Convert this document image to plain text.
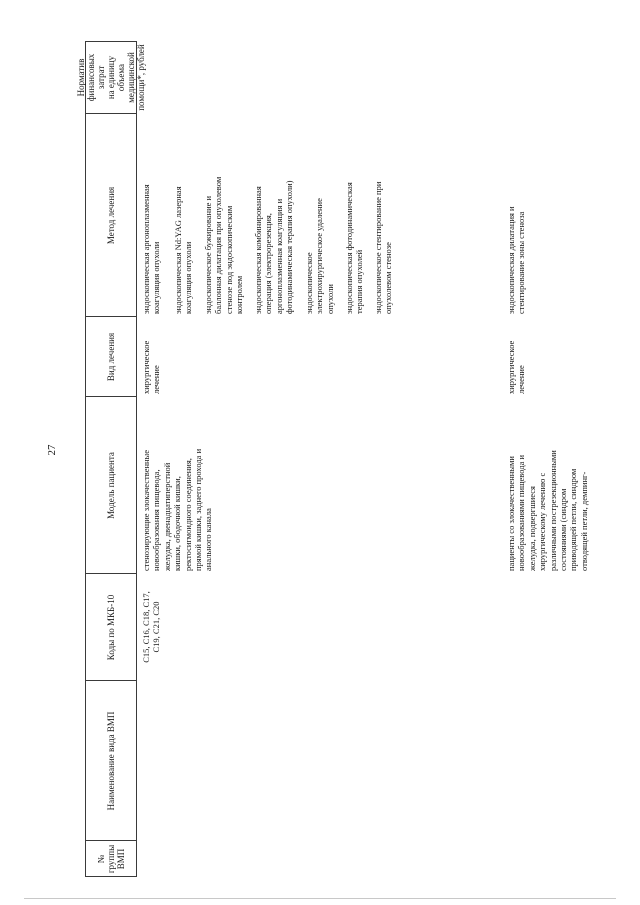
27
№
группы
ВМП
Наименование вида ВМП
Коды по МКБ-10
Модель пациента
Вид лечения
Метод лечения
Норматив
финансовых затрат
на единицу объема
медицинской
помощи*, рублей
C15, C16, C18, C17,
C19, C21, C20
стенозирующие злокачественные
новообразования пищевода,
желудка, двенадцатиперстной
кишки, ободочной кишки,
ректосигмоидного соединения,
прямой кишки, заднего прохода и
анального канала
хирургическое
лечение
эндоскопическая аргоноплазменная
коагуляция опухоли эндоскопическая Nd:YAG лазерная
коагуляция опухоли эндоскопическое бужирование и
баллонная дилатация при опухолевом
стенозе под эндоскопическим
контролем эндоскопическая комбинированная
операция (электрорезекция,
аргоноплазменная коагуляция и
фотодинамическая терапия опухоли)
эндоскопическое
электрохирургическое удаление
опухоли эндоскопическая фотодинамическая
терапия опухолей эндоскопическое стентирование при
опухолевом стенозе
пациенты со злокачественными
новообразованиями пищевода и
желудка, подвергшиеся
хирургическому лечению с
различными пострезекционными
состояниями (синдром
приводящей петли, синдром
отводящей петли, демпинг-
хирургическое
лечение
эндоскопическая дилатация и
стентирование зоны стеноза
